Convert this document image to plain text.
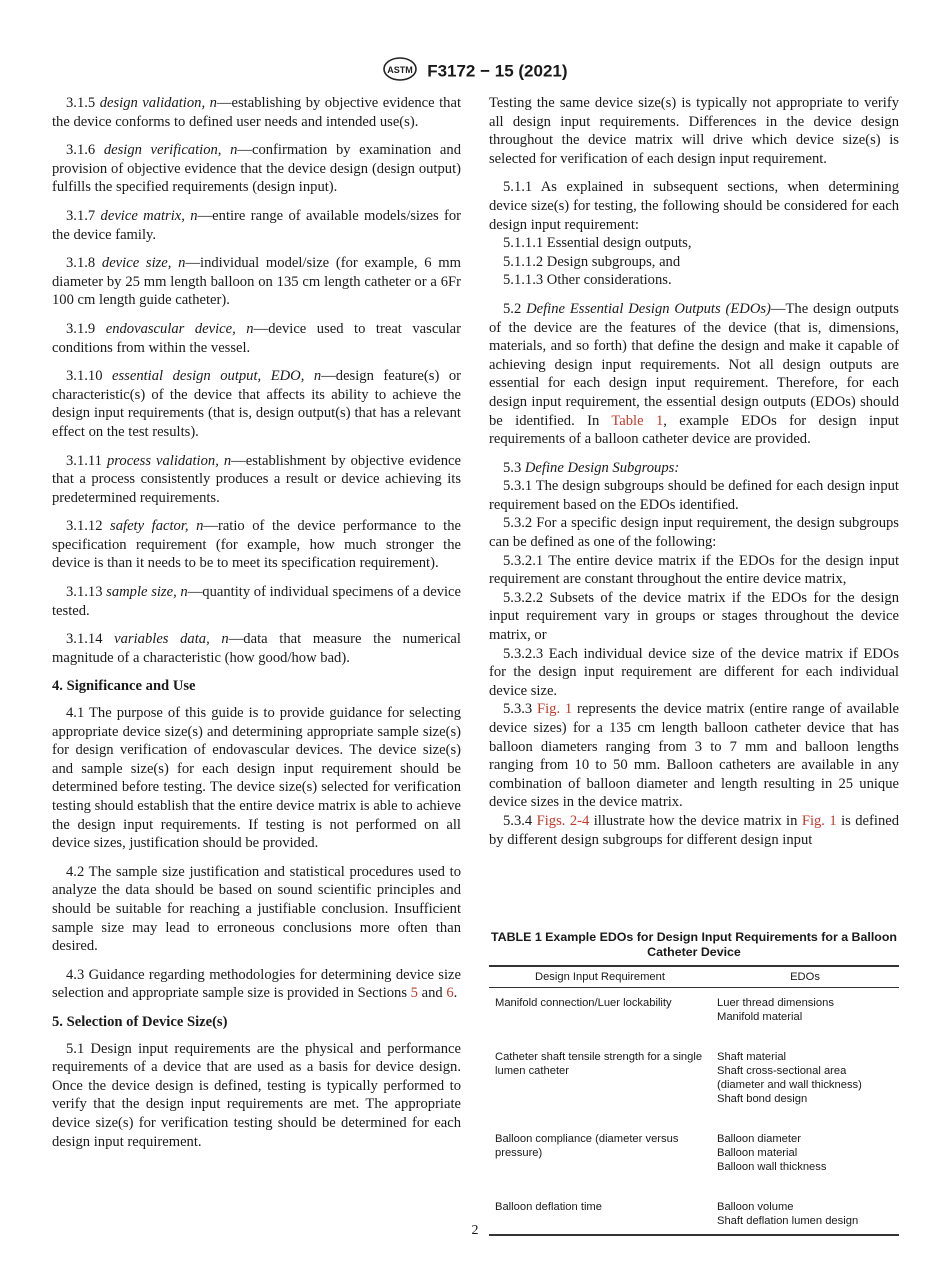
ASTM F3172 − 15 (2021)

3.1.5 design validation, n—establishing by objective evidence that the device conforms to defined user needs and intended use(s).

3.1.6 design verification, n—confirmation by examination and provision of objective evidence that the device design (design output) fulfills the specified requirements (design input).

3.1.7 device matrix, n—entire range of available models/sizes for the device family.

3.1.8 device size, n—individual model/size (for example, 6 mm diameter by 25 mm length balloon on 135 cm length catheter or a 6Fr 100 cm length guide catheter).

3.1.9 endovascular device, n—device used to treat vascular conditions from within the vessel.

3.1.10 essential design output, EDO, n—design feature(s) or characteristic(s) of the device that affects its ability to achieve the design input requirements (that is, design output(s) that has a relevant effect on the test results).

3.1.11 process validation, n—establishment by objective evidence that a process consistently produces a result or device achieving its predetermined requirements.

3.1.12 safety factor, n—ratio of the device performance to the specification requirement (for example, how much stronger the device is than it needs to be to meet its specification requirement).

3.1.13 sample size, n—quantity of individual specimens of a device tested.

3.1.14 variables data, n—data that measure the numerical magnitude of a characteristic (how good/how bad).

4. Significance and Use

4.1 The purpose of this guide is to provide guidance for selecting appropriate device size(s) and determining appropriate sample size(s) for design verification of endovascular devices. The device size(s) and sample size(s) for each design input requirement should be determined before testing. The device size(s) selected for verification testing should establish that the entire device matrix is able to achieve the design input requirements. If testing is not performed on all device sizes, justification should be provided.

4.2 The sample size justification and statistical procedures used to analyze the data should be based on sound scientific principles and should be suitable for reaching a justifiable conclusion. Insufficient sample size may lead to erroneous conclusions more often than desired.

4.3 Guidance regarding methodologies for determining device size selection and appropriate sample size is provided in Sections 5 and 6.

5. Selection of Device Size(s)

5.1 Design input requirements are the physical and performance requirements of a device that are used as a basis for device design. Once the device design is defined, testing is typically performed to verify that the design input requirements are met. The appropriate device size(s) for verification testing should be determined for each design input requirement.

Testing the same device size(s) is typically not appropriate to verify all design input requirements. Differences in the device design throughout the device matrix will drive which device size(s) is selected for verification of each design input requirement.

5.1.1 As explained in subsequent sections, when determining device size(s) for testing, the following should be considered for each design input requirement:

5.1.1.1 Essential design outputs,

5.1.1.2 Design subgroups, and

5.1.1.3 Other considerations.

5.2 Define Essential Design Outputs (EDOs)—The design outputs of the device are the features of the device (that is, dimensions, materials, and so forth) that define the design and make it capable of achieving design input requirements. Not all design outputs are essential for each design input requirement. Therefore, for each design input requirement, the essential design outputs (EDOs) should be identified. In Table 1, example EDOs for design input requirements of a balloon catheter device are provided.

5.3 Define Design Subgroups:

5.3.1 The design subgroups should be defined for each design input requirement based on the EDOs identified.

5.3.2 For a specific design input requirement, the design subgroups can be defined as one of the following:

5.3.2.1 The entire device matrix if the EDOs for the design input requirement are constant throughout the entire device matrix,

5.3.2.2 Subsets of the device matrix if the EDOs for the design input requirement vary in groups or stages throughout the device matrix, or

5.3.2.3 Each individual device size of the device matrix if EDOs for the design input requirement are different for each individual device size.

5.3.3 Fig. 1 represents the device matrix (entire range of available device sizes) for a 135 cm length balloon catheter device that has balloon diameters ranging from 3 to 7 mm and balloon lengths ranging from 10 to 50 mm. Balloon catheters are available in any combination of balloon diameter and length resulting in 25 unique device sizes in the device matrix.

5.3.4 Figs. 2-4 illustrate how the device matrix in Fig. 1 is defined by different design subgroups for different design input

TABLE 1 Example EDOs for Design Input Requirements for a Balloon Catheter Device
Design Input Requirement	EDOs
Manifold connection/Luer lockability	Luer thread dimensions
Manifold material

Catheter shaft tensile strength for a single lumen catheter	Shaft material
Shaft cross-sectional area
(diameter and wall thickness)
Shaft bond design

Balloon compliance (diameter versus pressure)	Balloon diameter
Balloon material
Balloon wall thickness

Balloon deflation time	Balloon volume
Shaft deflation lumen design
2
